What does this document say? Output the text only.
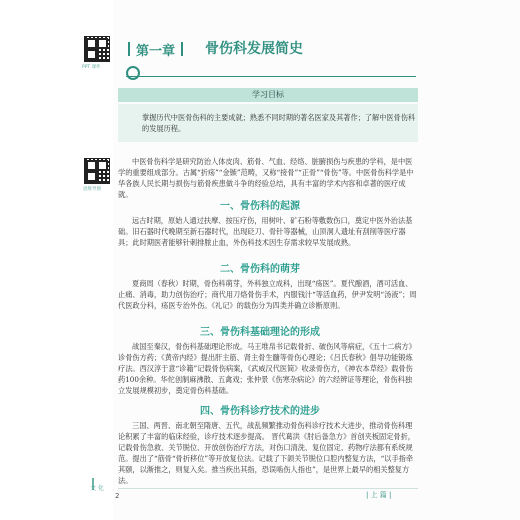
PPT 课件
思维导图
第一章 骨伤科发展简史
学习目标
掌握历代中医骨伤科的主要成就；熟悉不同时期的著名医家及其著作；了解中医骨伤科的发展历程。
中医骨伤科学是研究防治人体皮肉、筋骨、气血、经络、脏腑损伤与疾患的学科，是中医学的重要组成部分。古属“折疡”“金镞”范畴，又称“接骨”“正骨”“骨伤”等。中医骨伤科学是中华各族人民长期与损伤与筋骨疾患做斗争的经验总结，具有丰富的学术内容和卓著的医疗成就。
一、骨伤科的起源
远古时期，原始人通过扶摩、按压疗伤，用树叶、矿石粉等敷数伤口，奠定中医外治法基础。旧石器时代晚期至新石器时代，出现砭刀、骨针等器械，山顶洞人遗址有刮削等医疗器具；此时期医者能够针刺排脓止血，外伤科技术因生存需求较早发展成熟。
二、骨伤科的萌芽
夏商周（春秋）时期，骨伤科萌芽，外科独立成科，出现“疡医”。夏代酿酒，酒可活血、止痛、消毒，助力创伤治疗；商代用刀烙骨伤手术，内服钱汁“等活血药，伊尹发明“汤液”；周代医政分科，疡医专治外伤。《礼记》的载伤分为四类并确立诊断原则。
三、骨伤科基础理论的形成
战国至秦汉，骨伤科基础理论形成。马王堆帛书记载骨折、破伤风等病症，《五十二病方》诊骨伤方药；《黄帝内经》提出肝主筋、肾主骨生髓等骨伤心理论；《吕氏春秋》倡导功能锻炼疗法。西汉淳于意“诊籍”记载骨伤病案，《武威汉代医简》收录骨伤方，《神农本草经》载骨伤药100余种。华佗创制麻沸散、五禽戏；张仲景《伤寒杂病论》的六经辨证等理论，骨伤科独立发展规模初步，奠定骨伤科基础。
四、骨伤科诊疗技术的进步
三国、两晋、南北朝至隋唐、五代，战乱频繁推动骨伤科诊疗技术大进步，推动骨伤科理论积累了丰富的临床经验，诊疗技术逐步提高。 晋代葛洪《肘后备急方》首创夹板固定骨折，记载骨伤急救、关节脱位、开放创伤治疗方法，对伤口清洗、复位固定、药物疗法都有系统规范。提出了“筋骨“骨折移位”等开放复位法。记载了下颌关节脱位口腔内整复方法，“以手指牵其颐，以渐推之，则复入矣。推当疾出其指，恐误啮伤人指也”，是世界上最早的相关整复方法。
文 化
2	| 上 篇 |
